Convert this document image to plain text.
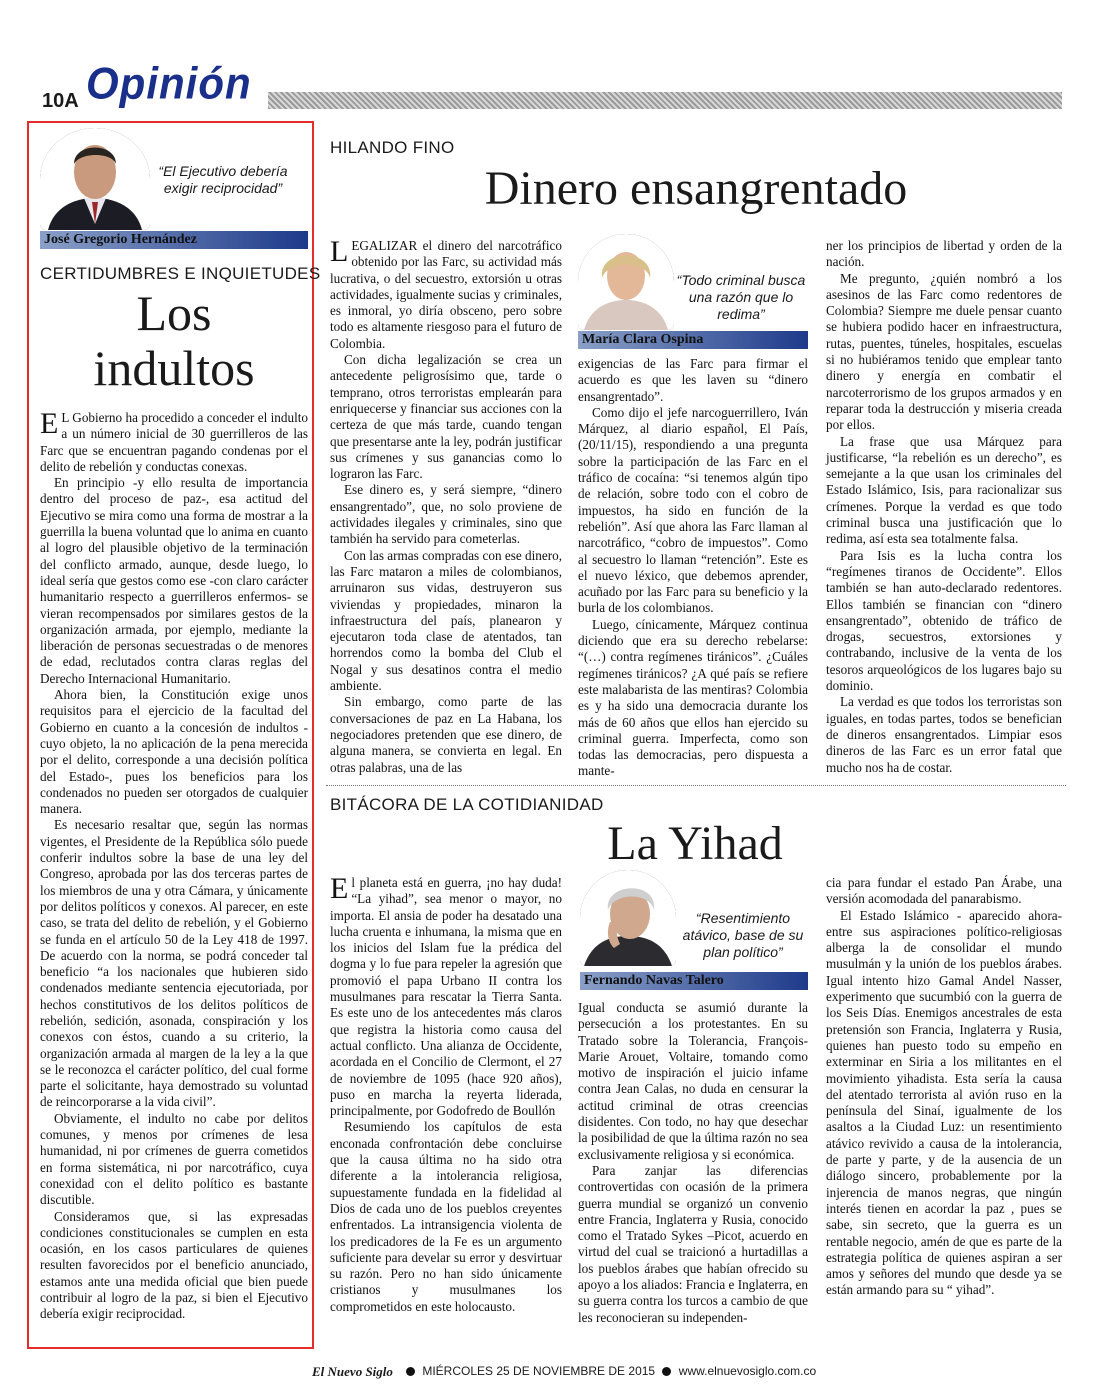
10A Opinión
“El Ejecutivo debería exigir reciprocidad”
José Gregorio Hernández
CERTIDUMBRES E INQUIETUDES
Los
indultos

E L Gobierno ha procedido a conceder el indulto a un número inicial de 30 guerrilleros de las Farc que se encuentran pagando condenas por el delito de rebelión y conductas conexas.

En principio -y ello resulta de importancia dentro del proceso de paz-, esa actitud del Ejecutivo se mira como una forma de mostrar a la guerrilla la buena voluntad que lo anima en cuanto al logro del plausible objetivo de la terminación del conflicto armado, aunque, desde luego, lo ideal sería que gestos como ese -con claro carácter humanitario respecto a guerrilleros enfermos- se vieran recompensados por similares gestos de la organización armada, por ejemplo, mediante la liberación de personas secuestradas o de menores de edad, reclutados contra claras reglas del Derecho Internacional Humanitario.

Ahora bien, la Constitución exige unos requisitos para el ejercicio de la facultad del Gobierno en cuanto a la concesión de indultos -cuyo objeto, la no aplicación de la pena merecida por el delito, corresponde a una decisión política del Estado-, pues los beneficios para los condenados no pueden ser otorgados de cualquier manera.

Es necesario resaltar que, según las normas vigentes, el Presidente de la República sólo puede conferir indultos sobre la base de una ley del Congreso, aprobada por las dos terceras partes de los miembros de una y otra Cámara, y únicamente por delitos políticos y conexos. Al parecer, en este caso, se trata del delito de rebelión, y el Gobierno se funda en el artículo 50 de la Ley 418 de 1997. De acuerdo con la norma, se podrá conceder tal beneficio “a los nacionales que hubieren sido condenados mediante sentencia ejecutoriada, por hechos constitutivos de los delitos políticos de rebelión, sedición, asonada, conspiración y los conexos con éstos, cuando a su criterio, la organización armada al margen de la ley a la que se le reconozca el carácter político, del cual forme parte el solicitante, haya demostrado su voluntad de reincorporarse a la vida civil”.

Obviamente, el indulto no cabe por delitos comunes, y menos por crímenes de lesa humanidad, ni por crímenes de guerra cometidos en forma sistemática, ni por narcotráfico, cuya conexidad con el delito político es bastante discutible.

Consideramos que, si las expresadas condiciones constitucionales se cumplen en esta ocasión, en los casos particulares de quienes resulten favorecidos por el beneficio anunciado, estamos ante una medida oficial que bien puede contribuir al logro de la paz, si bien el Ejecutivo debería exigir reciprocidad.

HILANDO FINO
Dinero ensangrentado

LEGALIZAR el dinero del narcotráfico obtenido por las Farc, su actividad más lucrativa, o del secuestro, extorsión u otras actividades, igualmente sucias y criminales, es inmoral, yo diría obsceno, pero sobre todo es altamente riesgoso para el futuro de Colombia.

Con dicha legalización se crea un antecedente peligrosísimo que, tarde o temprano, otros terroristas emplearán para enriquecerse y financiar sus acciones con la certeza de que más tarde, cuando tengan que presentarse ante la ley, podrán justificar sus crímenes y sus ganancias como lo lograron las Farc.

Ese dinero es, y será siempre, “dinero ensangrentado”, que, no solo proviene de actividades ilegales y criminales, sino que también ha servido para cometerlas.

Con las armas compradas con ese dinero, las Farc mataron a miles de colombianos, arruinaron sus vidas, destruyeron sus viviendas y propiedades, minaron la infraestructura del país, planearon y ejecutaron toda clase de atentados, tan horrendos como la bomba del Club el Nogal y sus desatinos contra el medio ambiente.

Sin embargo, como parte de las conversaciones de paz en La Habana, los negociadores pretenden que ese dinero, de alguna manera, se convierta en legal. En otras palabras, una de las

“Todo criminal busca una razón que lo redima”
María Clara Ospina

exigencias de las Farc para firmar el acuerdo es que les laven su “dinero ensangrentado”.

Como dijo el jefe narcoguerrillero, Iván Márquez, al diario español, El País, (20/11/15), respondiendo a una pregunta sobre la participación de las Farc en el tráfico de cocaína: “si tenemos algún tipo de relación, sobre todo con el cobro de impuestos, ha sido en función de la rebelión”. Así que ahora las Farc llaman al narcotráfico, “cobro de impuestos”. Como al secuestro lo llaman “retención”. Este es el nuevo léxico, que debemos aprender, acuñado por las Farc para su beneficio y la burla de los colombianos.

Luego, cínicamente, Márquez continua diciendo que era su derecho rebelarse: “(…) contra regímenes tiránicos”. ¿Cuáles regímenes tiránicos? ¿A qué país se refiere este malabarista de las mentiras? Colombia es y ha sido una democracia durante los más de 60 años que ellos han ejercido su criminal guerra. Imperfecta, como son todas las democracias, pero dispuesta a mante-

ner los principios de libertad y orden de la nación.

Me pregunto, ¿quién nombró a los asesinos de las Farc como redentores de Colombia? Siempre me duele pensar cuanto se hubiera podido hacer en infraestructura, rutas, puentes, túneles, hospitales, escuelas si no hubiéramos tenido que emplear tanto dinero y energía en combatir el narcoterrorismo de los grupos armados y en reparar toda la destrucción y miseria creada por ellos.

La frase que usa Márquez para justificarse, “la rebelión es un derecho”, es semejante a la que usan los criminales del Estado Islámico, Isis, para racionalizar sus crímenes. Porque la verdad es que todo criminal busca una justificación que lo redima, así esta sea totalmente falsa.

Para Isis es la lucha contra los “regímenes tiranos de Occidente”. Ellos también se han auto-declarado redentores. Ellos también se financian con “dinero ensangrentado”, obtenido de tráfico de drogas, secuestros, extorsiones y contrabando, inclusive de la venta de los tesoros arqueológicos de los lugares bajo su dominio.

La verdad es que todos los terroristas son iguales, en todas partes, todos se benefician de dineros ensangrentados. Limpiar esos dineros de las Farc es un error fatal que mucho nos ha de costar.

BITÁCORA DE LA COTIDIANIDAD
La Yihad

El planeta está en guerra, ¡no hay duda! “La yihad”, sea menor o mayor, no importa. El ansia de poder ha desatado una lucha cruenta e inhumana, la misma que en los inicios del Islam fue la prédica del dogma y lo fue para repeler la agresión que promovió el papa Urbano II contra los musulmanes para rescatar la Tierra Santa. Es este uno de los antecedentes más claros que registra la historia como causa del actual conflicto. Una alianza de Occidente, acordada en el Concilio de Clermont, el 27 de noviembre de 1095 (hace 920 años), puso en marcha la reyerta liderada, principalmente, por Godofredo de Boullón

Resumiendo los capítulos de esta enconada confrontación debe concluirse que la causa última no ha sido otra diferente a la intolerancia religiosa, supuestamente fundada en la fidelidad al Dios de cada uno de los pueblos creyentes enfrentados. La intransigencia violenta de los predicadores de la Fe es un argumento suficiente para develar su error y desvirtuar su razón. Pero no han sido únicamente cristianos y musulmanes los comprometidos en este holocausto.

“Resentimiento atávico, base de su plan político”
Fernando Navas Talero

Igual conducta se asumió durante la persecución a los protestantes. En su Tratado sobre la Tolerancia, François-Marie Arouet, Voltaire, tomando como motivo de inspiración el juicio infame contra Jean Calas, no duda en censurar la actitud criminal de otras creencias disidentes. Con todo, no hay que desechar la posibilidad de que la última razón no sea exclusivamente religiosa y si económica.

Para zanjar las diferencias controvertidas con ocasión de la primera guerra mundial se organizó un convenio entre Francia, Inglaterra y Rusia, conocido como el Tratado Sykes –Picot, acuerdo en virtud del cual se traicionó a hurtadillas a los pueblos árabes que habían ofrecido su apoyo a los aliados: Francia e Inglaterra, en su guerra contra los turcos a cambio de que les reconocieran su independen-

cia para fundar el estado Pan Árabe, una versión acomodada del panarabismo.

El Estado Islámico - aparecido ahora- entre sus aspiraciones político-religiosas alberga la de consolidar el mundo musulmán y la unión de los pueblos árabes. Igual intento hizo Gamal Andel Nasser, experimento que sucumbió con la guerra de los Seis Días. Enemigos ancestrales de esta pretensión son Francia, Inglaterra y Rusia, quienes han puesto todo su empeño en exterminar en Siria a los militantes en el movimiento yihadista. Esta sería la causa del atentado terrorista al avión ruso en la península del Sinaí, igualmente de los asaltos a la Ciudad Luz: un resentimiento atávico revivido a causa de la intolerancia, de parte y parte, y de la ausencia de un diálogo sincero, probablemente por la injerencia de manos negras, que ningún interés tienen en acordar la paz , pues se sabe, sin secreto, que la guerra es un rentable negocio, amén de que es parte de la estrategia política de quienes aspiran a ser amos y señores del mundo que desde ya se están armando para su “ yihad”.

El Nuevo Siglo	MIÉRCOLES 25 DE NOVIEMBRE DE 2015 www.elnuevosiglo.com.co
